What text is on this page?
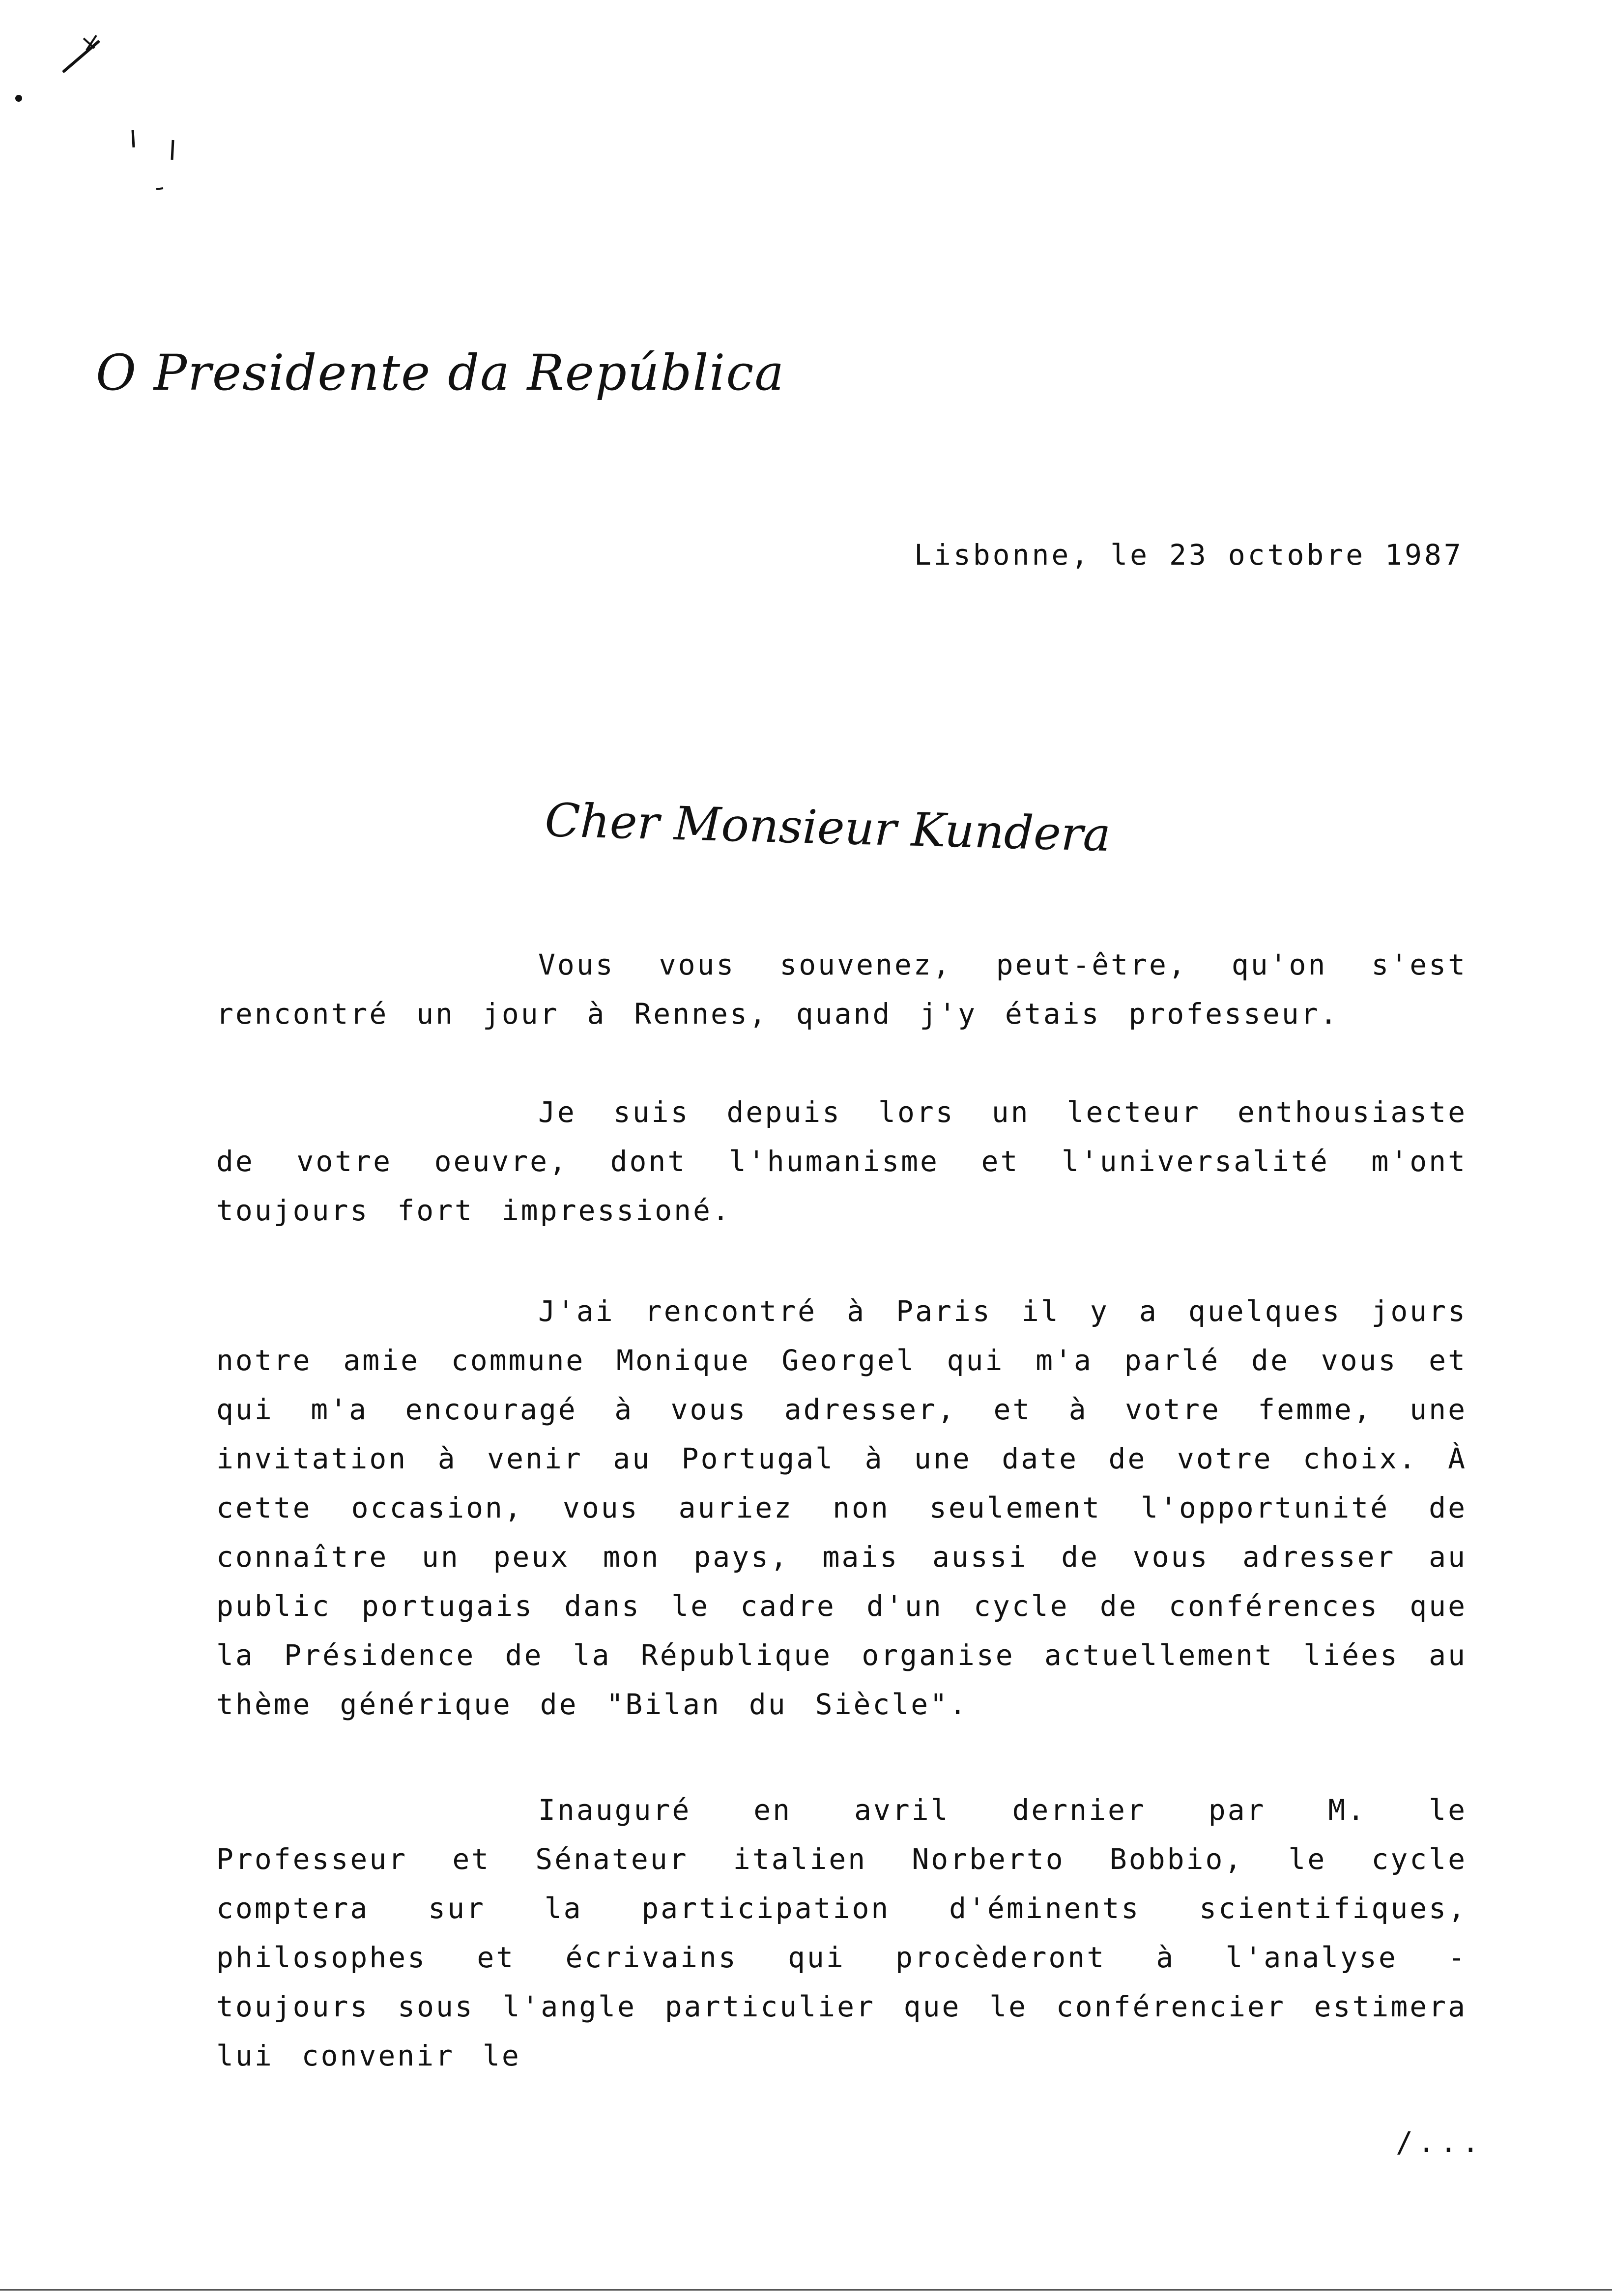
O Presidente da República
Lisbonne, le 23 octobre 1987
Cher Monsieur Kundera

Vous vous souvenez, peut-être, qu'on s'est rencontré un jour à Rennes, quand j'y étais professeur.

Je suis depuis lors un lecteur enthousiaste de votre oeuvre, dont l'humanisme et l'universalité m'ont toujours fort impressioné.

J'ai rencontré à Paris il y a quelques jours notre amie commune Monique Georgel qui m'a parlé de vous et qui m'a encouragé à vous adresser, et à votre femme, une invitation à venir au Portugal à une date de votre choix. À cette occasion, vous auriez non seulement l'opportunité de connaître un peux mon pays, mais aussi de vous adresser au public portugais dans le cadre d'un cycle de conférences que la Présidence de la République organise actuellement liées au thème générique de "Bilan du Siècle".

Inauguré en avril dernier par M. le Professeur et Sénateur italien Norberto Bobbio, le cycle comptera sur la participation d'éminents scientifiques, philosophes et écrivains qui procèderont à l'analyse - toujours sous l'angle particulier que le conférencier estimera lui convenir le

/...
